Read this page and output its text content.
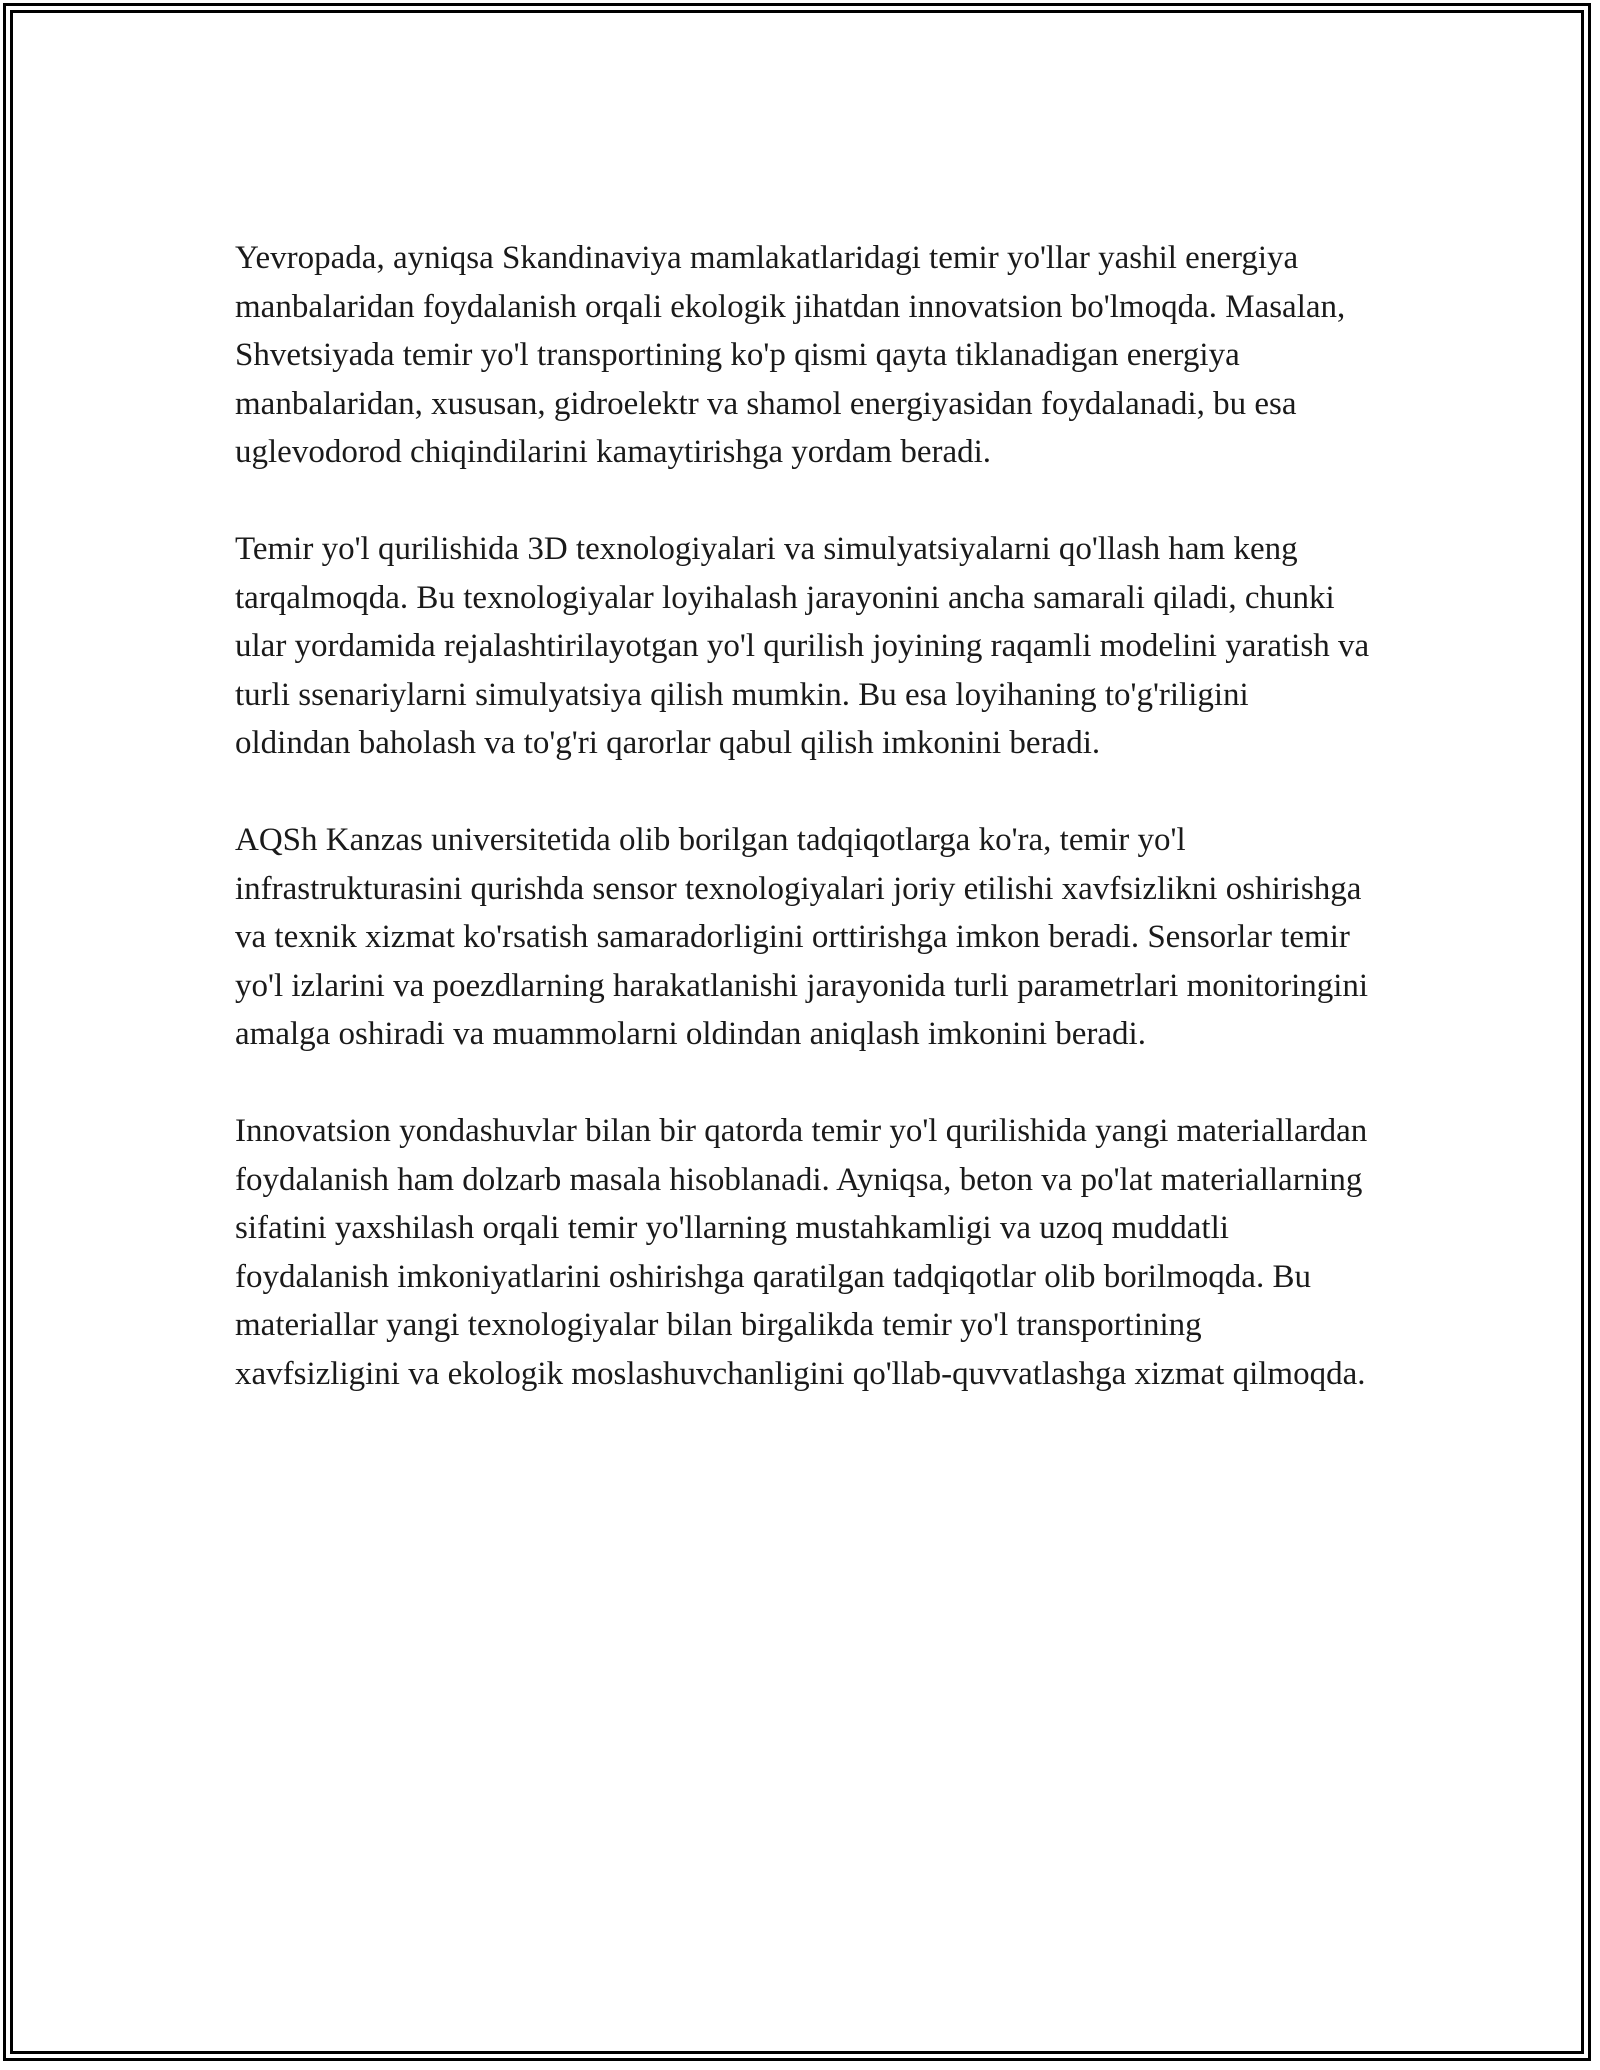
Yevropada, ayniqsa Skandinaviya mamlakatlaridagi temir yo'llar yashil energiya manbalaridan foydalanish orqali ekologik jihatdan innovatsion bo'lmoqda. Masalan, Shvetsiyada temir yo'l transportining ko'p qismi qayta tiklanadigan energiya manbalaridan, xususan, gidroelektr va shamol energiyasidan foydalanadi, bu esa uglevodorod chiqindilarini kamaytirishga yordam beradi.

Temir yo'l qurilishida 3D texnologiyalari va simulyatsiyalarni qo'llash ham keng tarqalmoqda. Bu texnologiyalar loyihalash jarayonini ancha samarali qiladi, chunki ular yordamida rejalashtirilayotgan yo'l qurilish joyining raqamli modelini yaratish va turli ssenariylarni simulyatsiya qilish mumkin. Bu esa loyihaning to'g'riligini oldindan baholash va to'g'ri qarorlar qabul qilish imkonini beradi.

AQSh Kanzas universitetida olib borilgan tadqiqotlarga ko'ra, temir yo'l infrastrukturasini qurishda sensor texnologiyalari joriy etilishi xavfsizlikni oshirishga va texnik xizmat ko'rsatish samaradorligini orttirishga imkon beradi. Sensorlar temir yo'l izlarini va poezdlarning harakatlanishi jarayonida turli parametrlari monitoringini amalga oshiradi va muammolarni oldindan aniqlash imkonini beradi.

Innovatsion yondashuvlar bilan bir qatorda temir yo'l qurilishida yangi materiallardan foydalanish ham dolzarb masala hisoblanadi. Ayniqsa, beton va po'lat materiallarning sifatini yaxshilash orqali temir yo'llarning mustahkamligi va uzoq muddatli foydalanish imkoniyatlarini oshirishga qaratilgan tadqiqotlar olib borilmoqda. Bu materiallar yangi texnologiyalar bilan birgalikda temir yo'l transportining xavfsizligini va ekologik moslashuvchanligini qo'llab-quvvatlashga xizmat qilmoqda.
